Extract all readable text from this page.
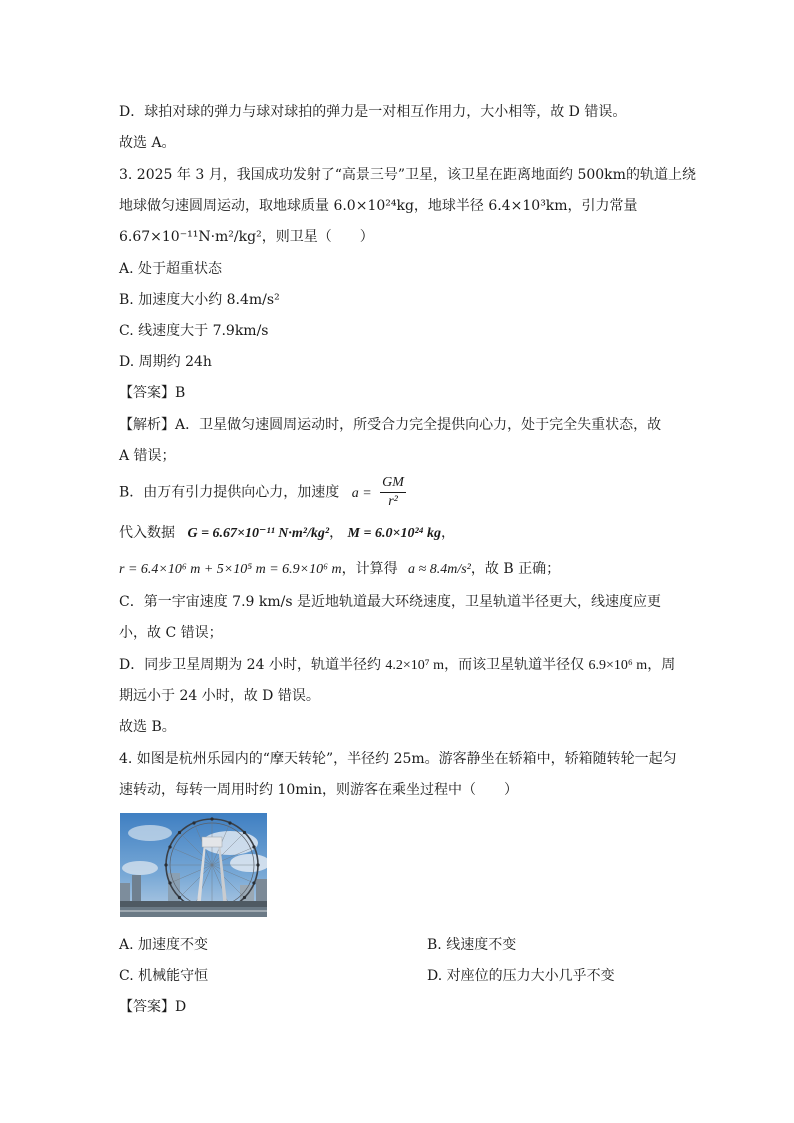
D．球拍对球的弹力与球对球拍的弹力是一对相互作用力，大小相等，故 D 错误。
故选 A。
3. 2025 年 3 月，我国成功发射了“高景三号”卫星，该卫星在距离地面约 500km的轨道上绕
地球做匀速圆周运动，取地球质量 6.0×10²⁴kg，地球半径 6.4×10³km，引力常量
6.67×10⁻¹¹N·m²/kg²，则卫星（　　）
A. 处于超重状态
B. 加速度大小约 8.4m/s²
C. 线速度大于 7.9km/s
D. 周期约 24h
【答案】B
【解析】A．卫星做匀速圆周运动时，所受合力完全提供向心力，处于完全失重状态，故
A 错误；
B．由万有引力提供向心力，加速度 $a = \frac{GM}{\text{r²}}$
代入数据 G = 6.67×10⁻¹¹ N·m²/kg²， M = 6.0×10²⁴ kg，
r = 6.4×10⁶ m + 5×10⁵ m = 6.9×10⁶ m，计算得 a ≈ 8.4m/s²，故 B 正确；
C．第一宇宙速度 7.9 km/s 是近地轨道最大环绕速度，卫星轨道半径更大，线速度应更
小，故 C 错误；
D．同步卫星周期为 24 小时，轨道半径约 4.2×10⁷ m，而该卫星轨道半径仅 6.9×10⁶ m，周
期远小于 24 小时，故 D 错误。
故选 B。
4. 如图是杭州乐园内的“摩天转轮”，半径约 25m。游客静坐在轿箱中，轿箱随转轮一起匀
速转动，每转一周用时约 10min，则游客在乘坐过程中（　　）
A. 加速度不变	B. 线速度不变
C. 机械能守恒	D. 对座位的压力大小几乎不变
【答案】D
